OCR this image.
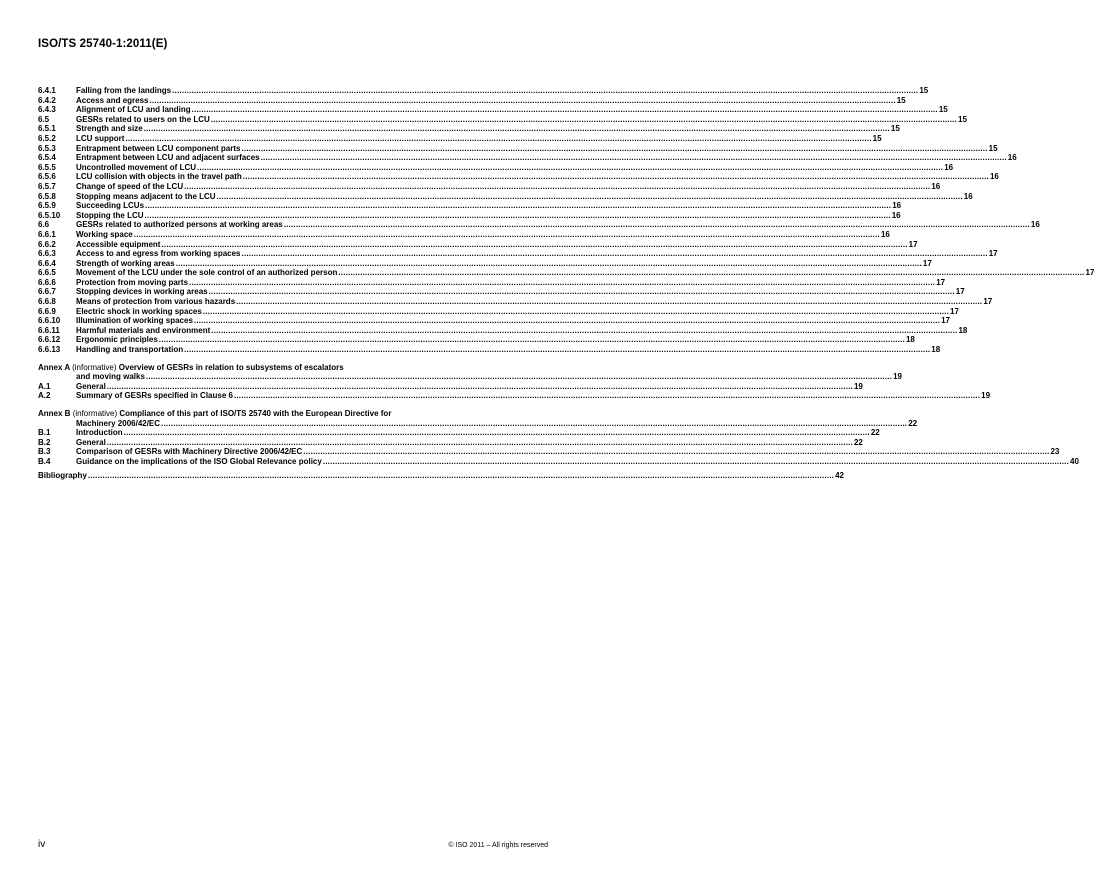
ISO/TS 25740-1:2011(E)
6.4.1	Falling from the landings .....	15
6.4.2	Access and egress .....	15
6.4.3	Alignment of LCU and landing .....	15
6.5	GESRs related to users on the LCU .....	15
6.5.1	Strength and size .....	15
6.5.2	LCU support .....	15
6.5.3	Entrapment between LCU component parts .....	15
6.5.4	Entrapment between LCU and adjacent surfaces .....	16
6.5.5	Uncontrolled movement of LCU .....	16
6.5.6	LCU collision with objects in the travel path .....	16
6.5.7	Change of speed of the LCU .....	16
6.5.8	Stopping means adjacent to the LCU .....	16
6.5.9	Succeeding LCUs .....	16
6.5.10	Stopping the LCU .....	16
6.6	GESRs related to authorized persons at working areas .....	16
6.6.1	Working space .....	16
6.6.2	Accessible equipment .....	17
6.6.3	Access to and egress from working spaces .....	17
6.6.4	Strength of working areas .....	17
6.6.5	Movement of the LCU under the sole control of an authorized person .....	17
6.6.6	Protection from moving parts .....	17
6.6.7	Stopping devices in working areas .....	17
6.6.8	Means of protection from various hazards .....	17
6.6.9	Electric shock in working spaces .....	17
6.6.10	Illumination of working spaces .....	17
6.6.11	Harmful materials and environment .....	18
6.6.12	Ergonomic principles .....	18
6.6.13	Handling and transportation .....	18
Annex A (informative) Overview of GESRs in relation to subsystems of escalators
and moving walks .....	19
A.1	General .....	19
A.2	Summary of GESRs specified in Clause 6 .....	19
Annex B (informative) Compliance of this part of ISO/TS 25740 with the European Directive for
Machinery 2006/42/EC .....	22
B.1	Introduction .....	22
B.2	General .....	22
B.3	Comparison of GESRs with Machinery Directive 2006/42/EC .....	23
B.4	Guidance on the implications of the ISO Global Relevance policy .....	40
Bibliography .....	42
iv	© ISO 2011 – All rights reserved
